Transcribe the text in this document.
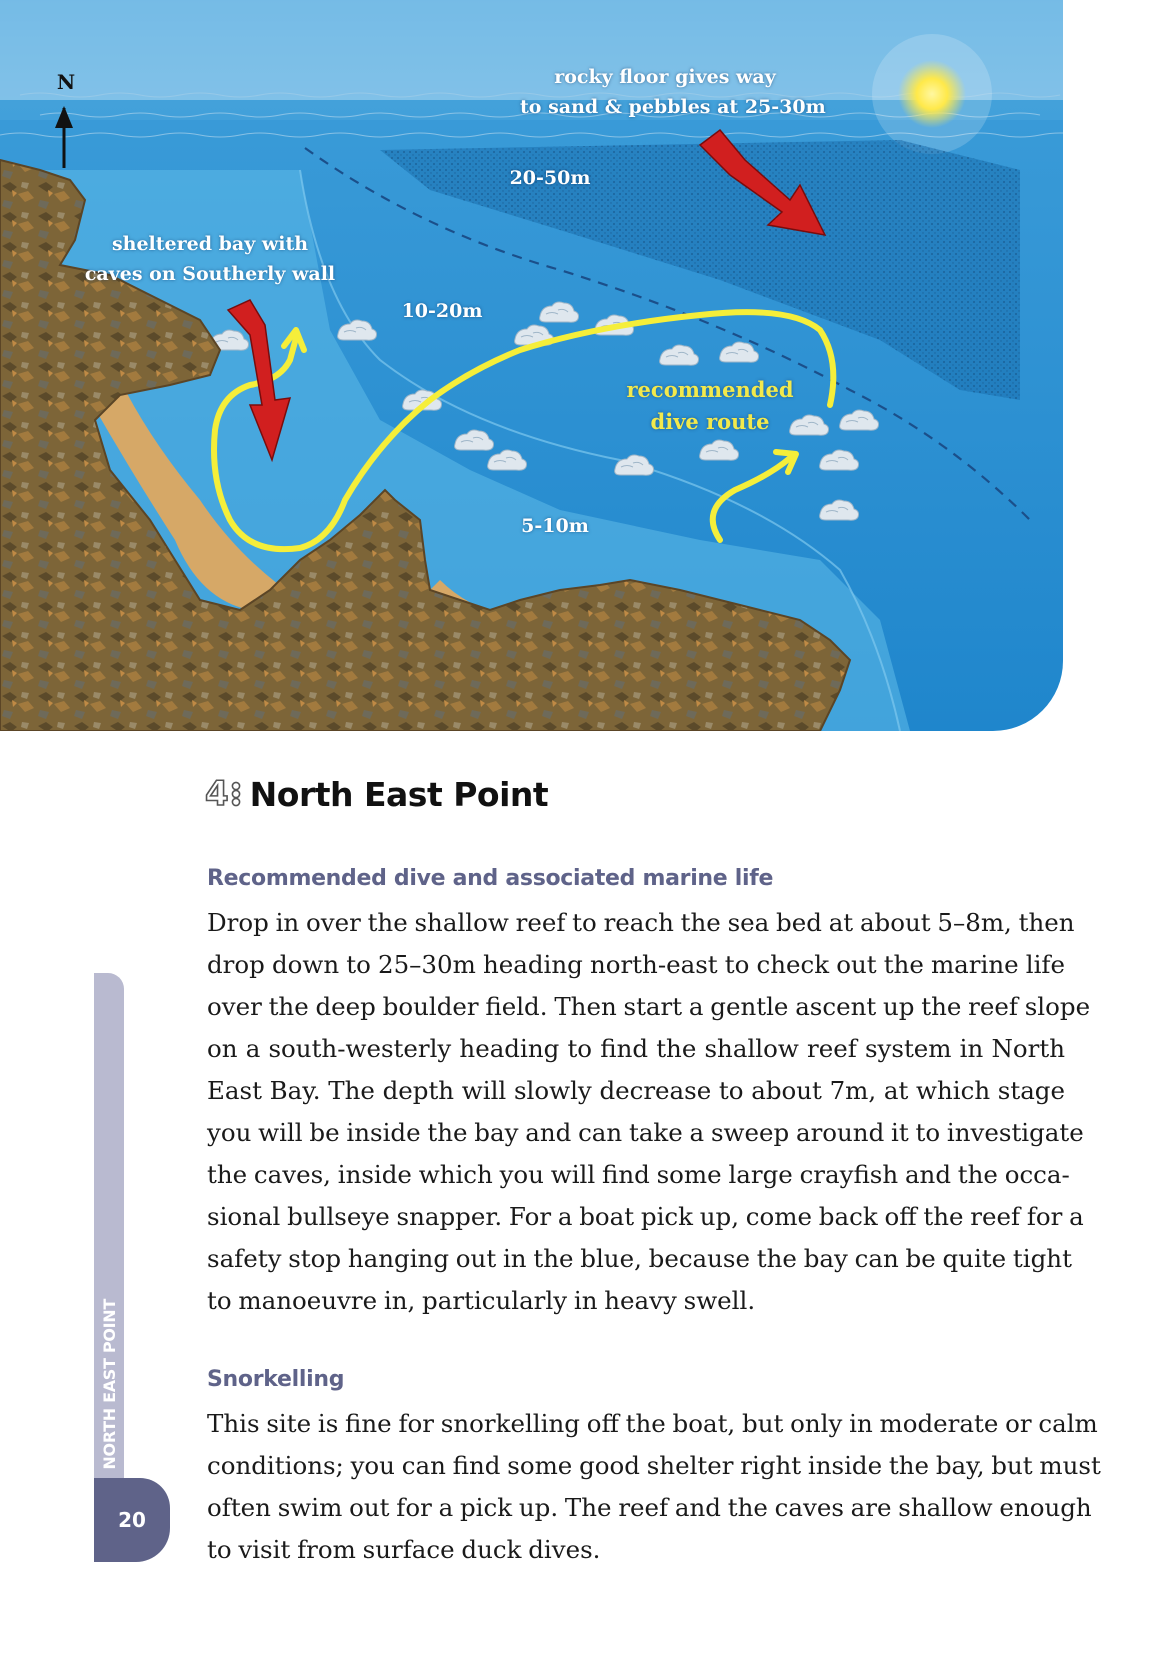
N	rocky floor gives way
to sand & pebbles at 25-30m
20-50m
sheltered bay with
caves on Southerly wall
10-20m
recommended
dive route
5-10m
4 North East Point
Recommended dive and associated marine life
Drop in over the shallow reef to reach the sea bed at about 5–8m, then
drop down to 25–30m heading north-east to check out the marine life
over the deep boulder field. Then start a gentle ascent up the reef slope
on a south-westerly heading to find the shallow reef system in North
East Bay. The depth will slowly decrease to about 7m, at which stage
you will be inside the bay and can take a sweep around it to investigate
the caves, inside which you will find some large crayfish and the occa-
sional bullseye snapper. For a boat pick up, come back off the reef for a
safety stop hanging out in the blue, because the bay can be quite tight
to manoeuvre in, particularly in heavy swell.
Snorkelling
This site is fine for snorkelling off the boat, but only in moderate or calm
conditions; you can find some good shelter right inside the bay, but must
often swim out for a pick up. The reef and the caves are shallow enough
to visit from surface duck dives.
NORTH EAST POINT
20
